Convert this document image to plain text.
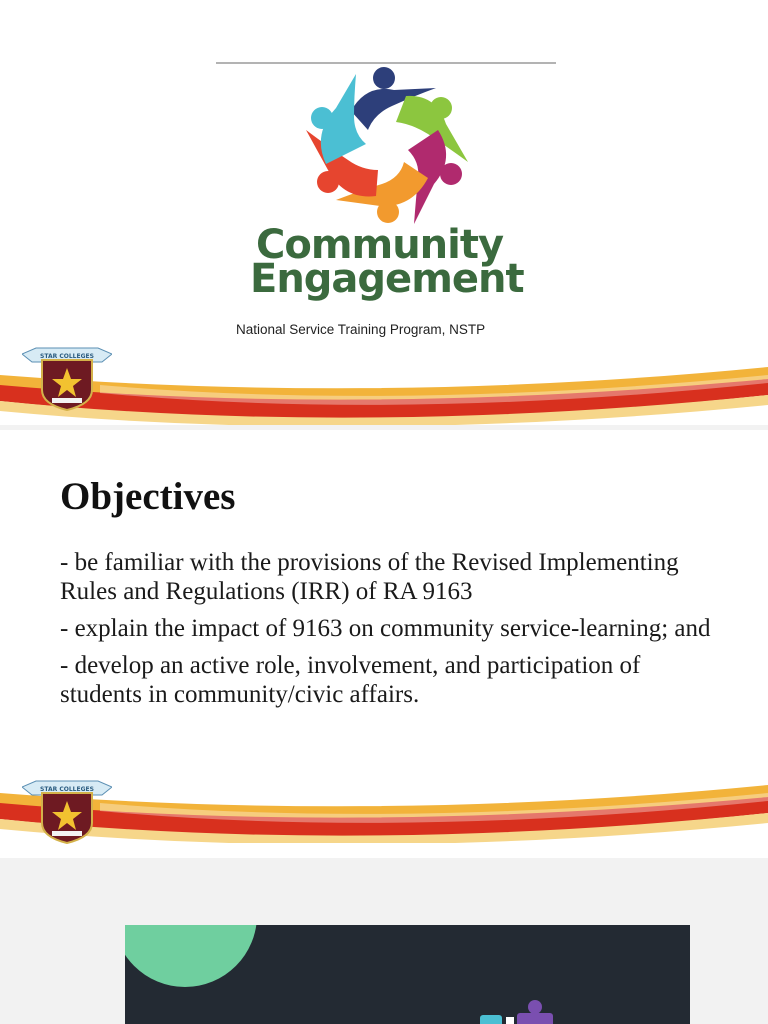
Community
Engagement
National Service Training Program, NSTP
STAR COLLEGES
Objectives
- be familiar with the provisions of the Revised Implementing Rules and Regulations (IRR) of RA 9163
- explain the impact of 9163 on community service-learning; and
- develop an active role, involvement, and participation of students in community/civic affairs.
STAR COLLEGES
